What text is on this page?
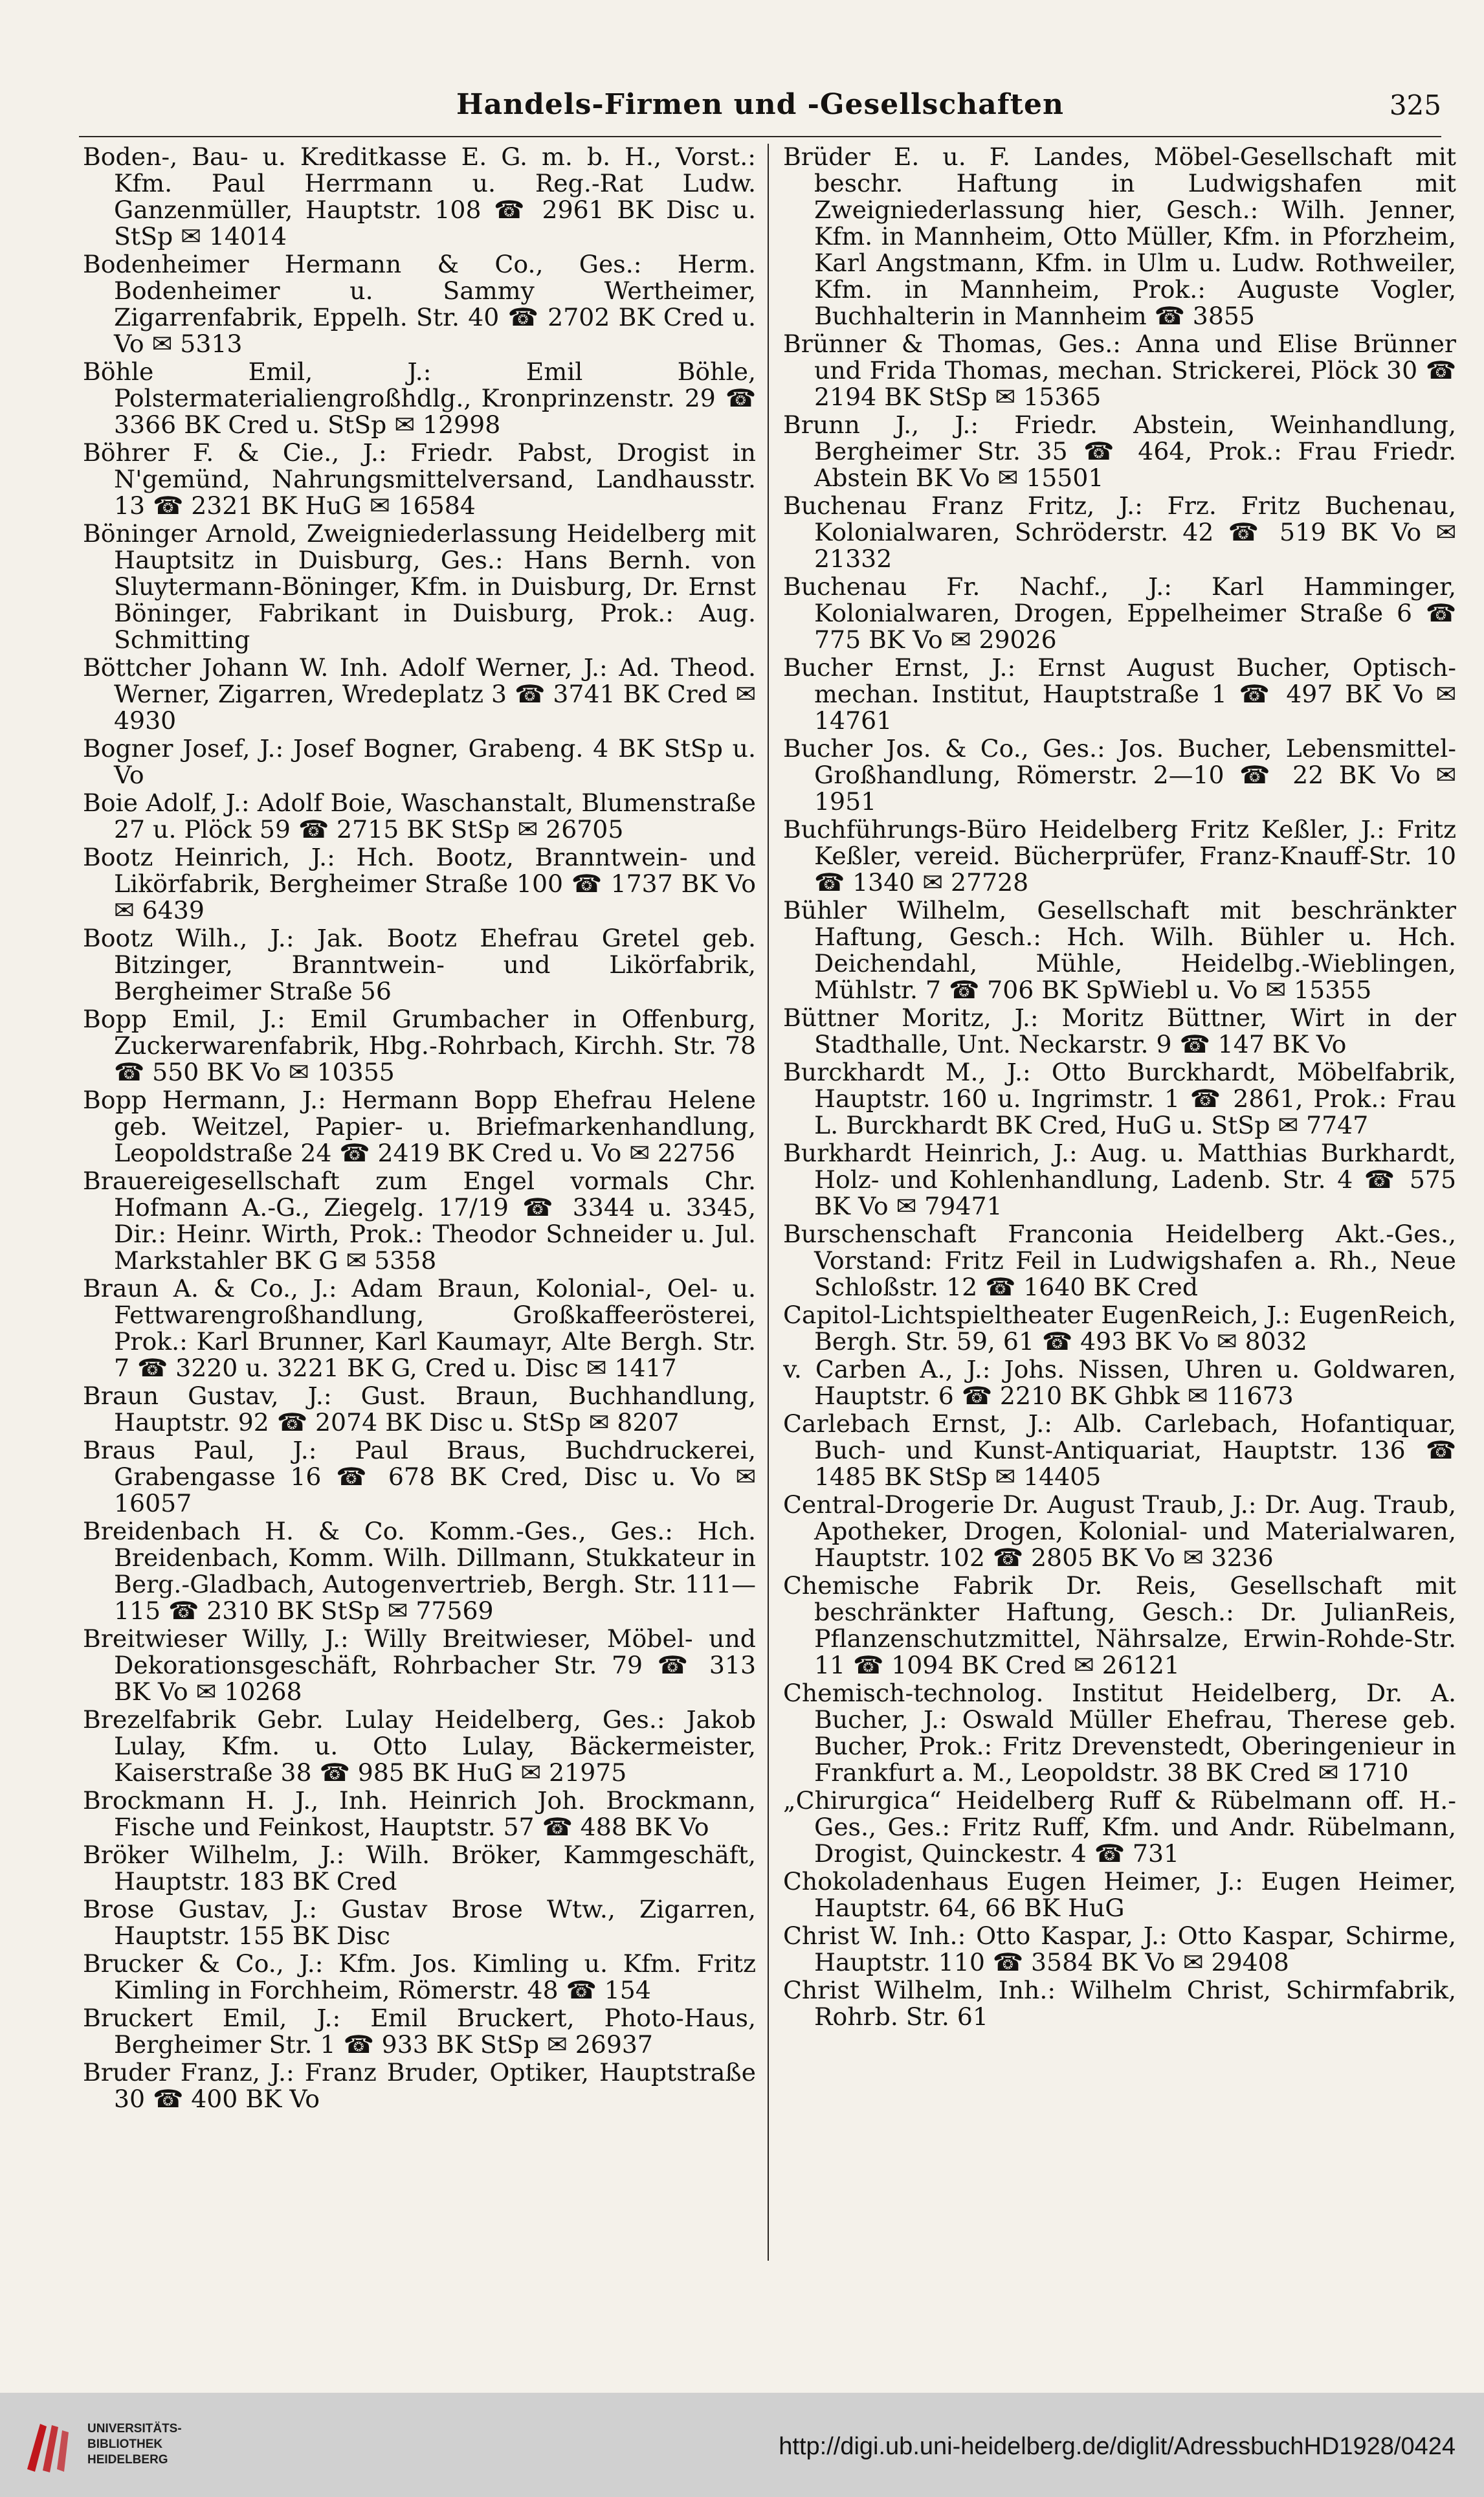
Handels-Firmen und -Gesellschaften	325

Boden-, Bau- u. Kreditkasse E. G. m. b. H., Vorst.: Kfm. Paul Herrmann u. Reg.-Rat Ludw. Ganzenmüller, Hauptstr. 108 ☎ 2961 BK Disc u. StSp ✉ 14014

Bodenheimer Hermann & Co., Ges.: Herm. Bodenheimer u. Sammy Wertheimer, Zigarrenfabrik, Eppelh. Str. 40 ☎ 2702 BK Cred u. Vo ✉ 5313

Böhle Emil, J.: Emil Böhle, Polstermaterialiengroßhdlg., Kronprinzenstr. 29 ☎ 3366 BK Cred u. StSp ✉ 12998

Böhrer F. & Cie., J.: Friedr. Pabst, Drogist in N'gemünd, Nahrungsmittelversand, Landhausstr. 13 ☎ 2321 BK HuG ✉ 16584

Böninger Arnold, Zweigniederlassung Heidelberg mit Hauptsitz in Duisburg, Ges.: Hans Bernh. von Sluytermann-Böninger, Kfm. in Duisburg, Dr. Ernst Böninger, Fabrikant in Duisburg, Prok.: Aug. Schmitting

Böttcher Johann W. Inh. Adolf Werner, J.: Ad. Theod. Werner, Zigarren, Wredeplatz 3 ☎ 3741 BK Cred ✉ 4930

Bogner Josef, J.: Josef Bogner, Grabeng. 4 BK StSp u. Vo

Boie Adolf, J.: Adolf Boie, Waschanstalt, Blumenstraße 27 u. Plöck 59 ☎ 2715 BK StSp ✉ 26705

Bootz Heinrich, J.: Hch. Bootz, Branntwein- und Likörfabrik, Bergheimer Straße 100 ☎ 1737 BK Vo ✉ 6439

Bootz Wilh., J.: Jak. Bootz Ehefrau Gretel geb. Bitzinger, Branntwein- und Likörfabrik, Bergheimer Straße 56

Bopp Emil, J.: Emil Grumbacher in Offenburg, Zuckerwarenfabrik, Hbg.-Rohrbach, Kirchh. Str. 78 ☎ 550 BK Vo ✉ 10355

Bopp Hermann, J.: Hermann Bopp Ehefrau Helene geb. Weitzel, Papier- u. Briefmarkenhandlung, Leopoldstraße 24 ☎ 2419 BK Cred u. Vo ✉ 22756

Brauereigesellschaft zum Engel vormals Chr. Hofmann A.-G., Ziegelg. 17/19 ☎ 3344 u. 3345, Dir.: Heinr. Wirth, Prok.: Theodor Schneider u. Jul. Markstahler BK G ✉ 5358

Braun A. & Co., J.: Adam Braun, Kolonial-, Oel- u. Fettwarengroßhandlung, Großkaffeerösterei, Prok.: Karl Brunner, Karl Kaumayr, Alte Bergh. Str. 7 ☎ 3220 u. 3221 BK G, Cred u. Disc ✉ 1417

Braun Gustav, J.: Gust. Braun, Buchhandlung, Hauptstr. 92 ☎ 2074 BK Disc u. StSp ✉ 8207

Braus Paul, J.: Paul Braus, Buchdruckerei, Grabengasse 16 ☎ 678 BK Cred, Disc u. Vo ✉ 16057

Breidenbach H. & Co. Komm.-Ges., Ges.: Hch. Breidenbach, Komm. Wilh. Dillmann, Stukkateur in Berg.-Gladbach, Autogenvertrieb, Bergh. Str. 111—115 ☎ 2310 BK StSp ✉ 77569

Breitwieser Willy, J.: Willy Breitwieser, Möbel- und Dekorationsgeschäft, Rohrbacher Str. 79 ☎ 313 BK Vo ✉ 10268

Brezelfabrik Gebr. Lulay Heidelberg, Ges.: Jakob Lulay, Kfm. u. Otto Lulay, Bäckermeister, Kaiserstraße 38 ☎ 985 BK HuG ✉ 21975

Brockmann H. J., Inh. Heinrich Joh. Brockmann, Fische und Feinkost, Hauptstr. 57 ☎ 488 BK Vo

Bröker Wilhelm, J.: Wilh. Bröker, Kammgeschäft, Hauptstr. 183 BK Cred

Brose Gustav, J.: Gustav Brose Wtw., Zigarren, Hauptstr. 155 BK Disc

Brucker & Co., J.: Kfm. Jos. Kimling u. Kfm. Fritz Kimling in Forchheim, Römerstr. 48 ☎ 154

Bruckert Emil, J.: Emil Bruckert, Photo-Haus, Bergheimer Str. 1 ☎ 933 BK StSp ✉ 26937

Bruder Franz, J.: Franz Bruder, Optiker, Hauptstraße 30 ☎ 400 BK Vo

Brüder E. u. F. Landes, Möbel-Gesellschaft mit beschr. Haftung in Ludwigshafen mit Zweigniederlassung hier, Gesch.: Wilh. Jenner, Kfm. in Mannheim, Otto Müller, Kfm. in Pforzheim, Karl Angstmann, Kfm. in Ulm u. Ludw. Rothweiler, Kfm. in Mannheim, Prok.: Auguste Vogler, Buchhalterin in Mannheim ☎ 3855

Brünner & Thomas, Ges.: Anna und Elise Brünner und Frida Thomas, mechan. Strickerei, Plöck 30 ☎ 2194 BK StSp ✉ 15365

Brunn J., J.: Friedr. Abstein, Weinhandlung, Bergheimer Str. 35 ☎ 464, Prok.: Frau Friedr. Abstein BK Vo ✉ 15501

Buchenau Franz Fritz, J.: Frz. Fritz Buchenau, Kolonialwaren, Schröderstr. 42 ☎ 519 BK Vo ✉ 21332

Buchenau Fr. Nachf., J.: Karl Hamminger, Kolonialwaren, Drogen, Eppelheimer Straße 6 ☎ 775 BK Vo ✉ 29026

Bucher Ernst, J.: Ernst August Bucher, Optisch-mechan. Institut, Hauptstraße 1 ☎ 497 BK Vo ✉ 14761

Bucher Jos. & Co., Ges.: Jos. Bucher, Lebensmittel-Großhandlung, Römerstr. 2—10 ☎ 22 BK Vo ✉ 1951

Buchführungs-Büro Heidelberg Fritz Keßler, J.: Fritz Keßler, vereid. Bücherprüfer, Franz-Knauff-Str. 10 ☎ 1340 ✉ 27728

Bühler Wilhelm, Gesellschaft mit beschränkter Haftung, Gesch.: Hch. Wilh. Bühler u. Hch. Deichendahl, Mühle, Heidelbg.-Wieblingen, Mühlstr. 7 ☎ 706 BK SpWiebl u. Vo ✉ 15355

Büttner Moritz, J.: Moritz Büttner, Wirt in der Stadthalle, Unt. Neckarstr. 9 ☎ 147 BK Vo

Burckhardt M., J.: Otto Burckhardt, Möbelfabrik, Hauptstr. 160 u. Ingrimstr. 1 ☎ 2861, Prok.: Frau L. Burckhardt BK Cred, HuG u. StSp ✉ 7747

Burkhardt Heinrich, J.: Aug. u. Matthias Burkhardt, Holz- und Kohlenhandlung, Ladenb. Str. 4 ☎ 575 BK Vo ✉ 79471

Burschenschaft Franconia Heidelberg Akt.-Ges., Vorstand: Fritz Feil in Ludwigshafen a. Rh., Neue Schloßstr. 12 ☎ 1640 BK Cred

Capitol-Lichtspieltheater EugenReich, J.: EugenReich, Bergh. Str. 59, 61 ☎ 493 BK Vo ✉ 8032

v. Carben A., J.: Johs. Nissen, Uhren u. Goldwaren, Hauptstr. 6 ☎ 2210 BK Ghbk ✉ 11673

Carlebach Ernst, J.: Alb. Carlebach, Hofantiquar, Buch- und Kunst-Antiquariat, Hauptstr. 136 ☎ 1485 BK StSp ✉ 14405

Central-Drogerie Dr. August Traub, J.: Dr. Aug. Traub, Apotheker, Drogen, Kolonial- und Materialwaren, Hauptstr. 102 ☎ 2805 BK Vo ✉ 3236

Chemische Fabrik Dr. Reis, Gesellschaft mit beschränkter Haftung, Gesch.: Dr. JulianReis, Pflanzenschutzmittel, Nährsalze, Erwin-Rohde-Str. 11 ☎ 1094 BK Cred ✉ 26121

Chemisch-technolog. Institut Heidelberg, Dr. A. Bucher, J.: Oswald Müller Ehefrau, Therese geb. Bucher, Prok.: Fritz Drevenstedt, Oberingenieur in Frankfurt a. M., Leopoldstr. 38 BK Cred ✉ 1710

„Chirurgica“ Heidelberg Ruff & Rübelmann off. H.-Ges., Ges.: Fritz Ruff, Kfm. und Andr. Rübelmann, Drogist, Quinckestr. 4 ☎ 731

Chokoladenhaus Eugen Heimer, J.: Eugen Heimer, Hauptstr. 64, 66 BK HuG

Christ W. Inh.: Otto Kaspar, J.: Otto Kaspar, Schirme, Hauptstr. 110 ☎ 3584 BK Vo ✉ 29408

Christ Wilhelm, Inh.: Wilhelm Christ, Schirmfabrik, Rohrb. Str. 61

UNIVERSITÄTS-
BIBLIOTHEK
HEIDELBERG	http://digi.ub.uni-heidelberg.de/diglit/AdressbuchHD1928/0424
